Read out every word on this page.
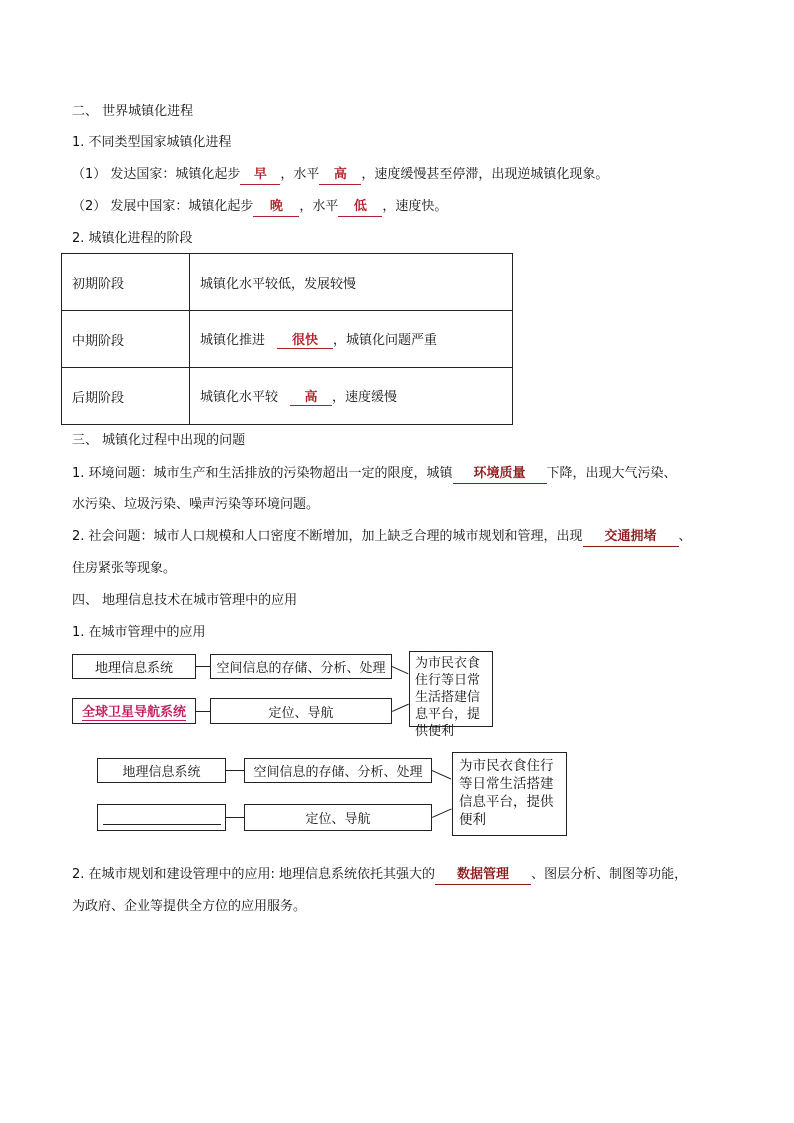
二、 世界城镇化进程
1. 不同类型国家城镇化进程
（1） 发达国家：城镇化起步 早 ，水平 高 ，速度缓慢甚至停滞，出现逆城镇化现象。
（2） 发展中国家：城镇化起步 晚 ，水平 低 ，速度快。
2. 城镇化进程的阶段
初期阶段	城镇化水平较低，发展较慢
中期阶段	城镇化推进 很快 ，城镇化问题严重
后期阶段	城镇化水平较 高 ，速度缓慢
三、 城镇化过程中出现的问题
1. 环境问题：城市生产和生活排放的污染物超出一定的限度，城镇 环境质量 下降，出现大气污染、
水污染、垃圾污染、噪声污染等环境问题。
2. 社会问题：城市人口规模和人口密度不断增加，加上缺乏合理的城市规划和管理，出现 交通拥堵 、
住房紧张等现象。
四、 地理信息技术在城市管理中的应用
1. 在城市管理中的应用
地理信息系统
全球卫星导航系统
空间信息的存储、分析、处理
定位、导航
为市民衣食住行等日常生活搭建信息平台，提供便利
地理信息系统	空间信息的存储、分析、处理
定位、导航
为市民衣食住行等日常生活搭建信息平台，提供便利
2. 在城市规划和建设管理中的应用: 地理信息系统依托其强大的 数据管理 、图层分析、制图等功能，
为政府、企业等提供全方位的应用服务。
